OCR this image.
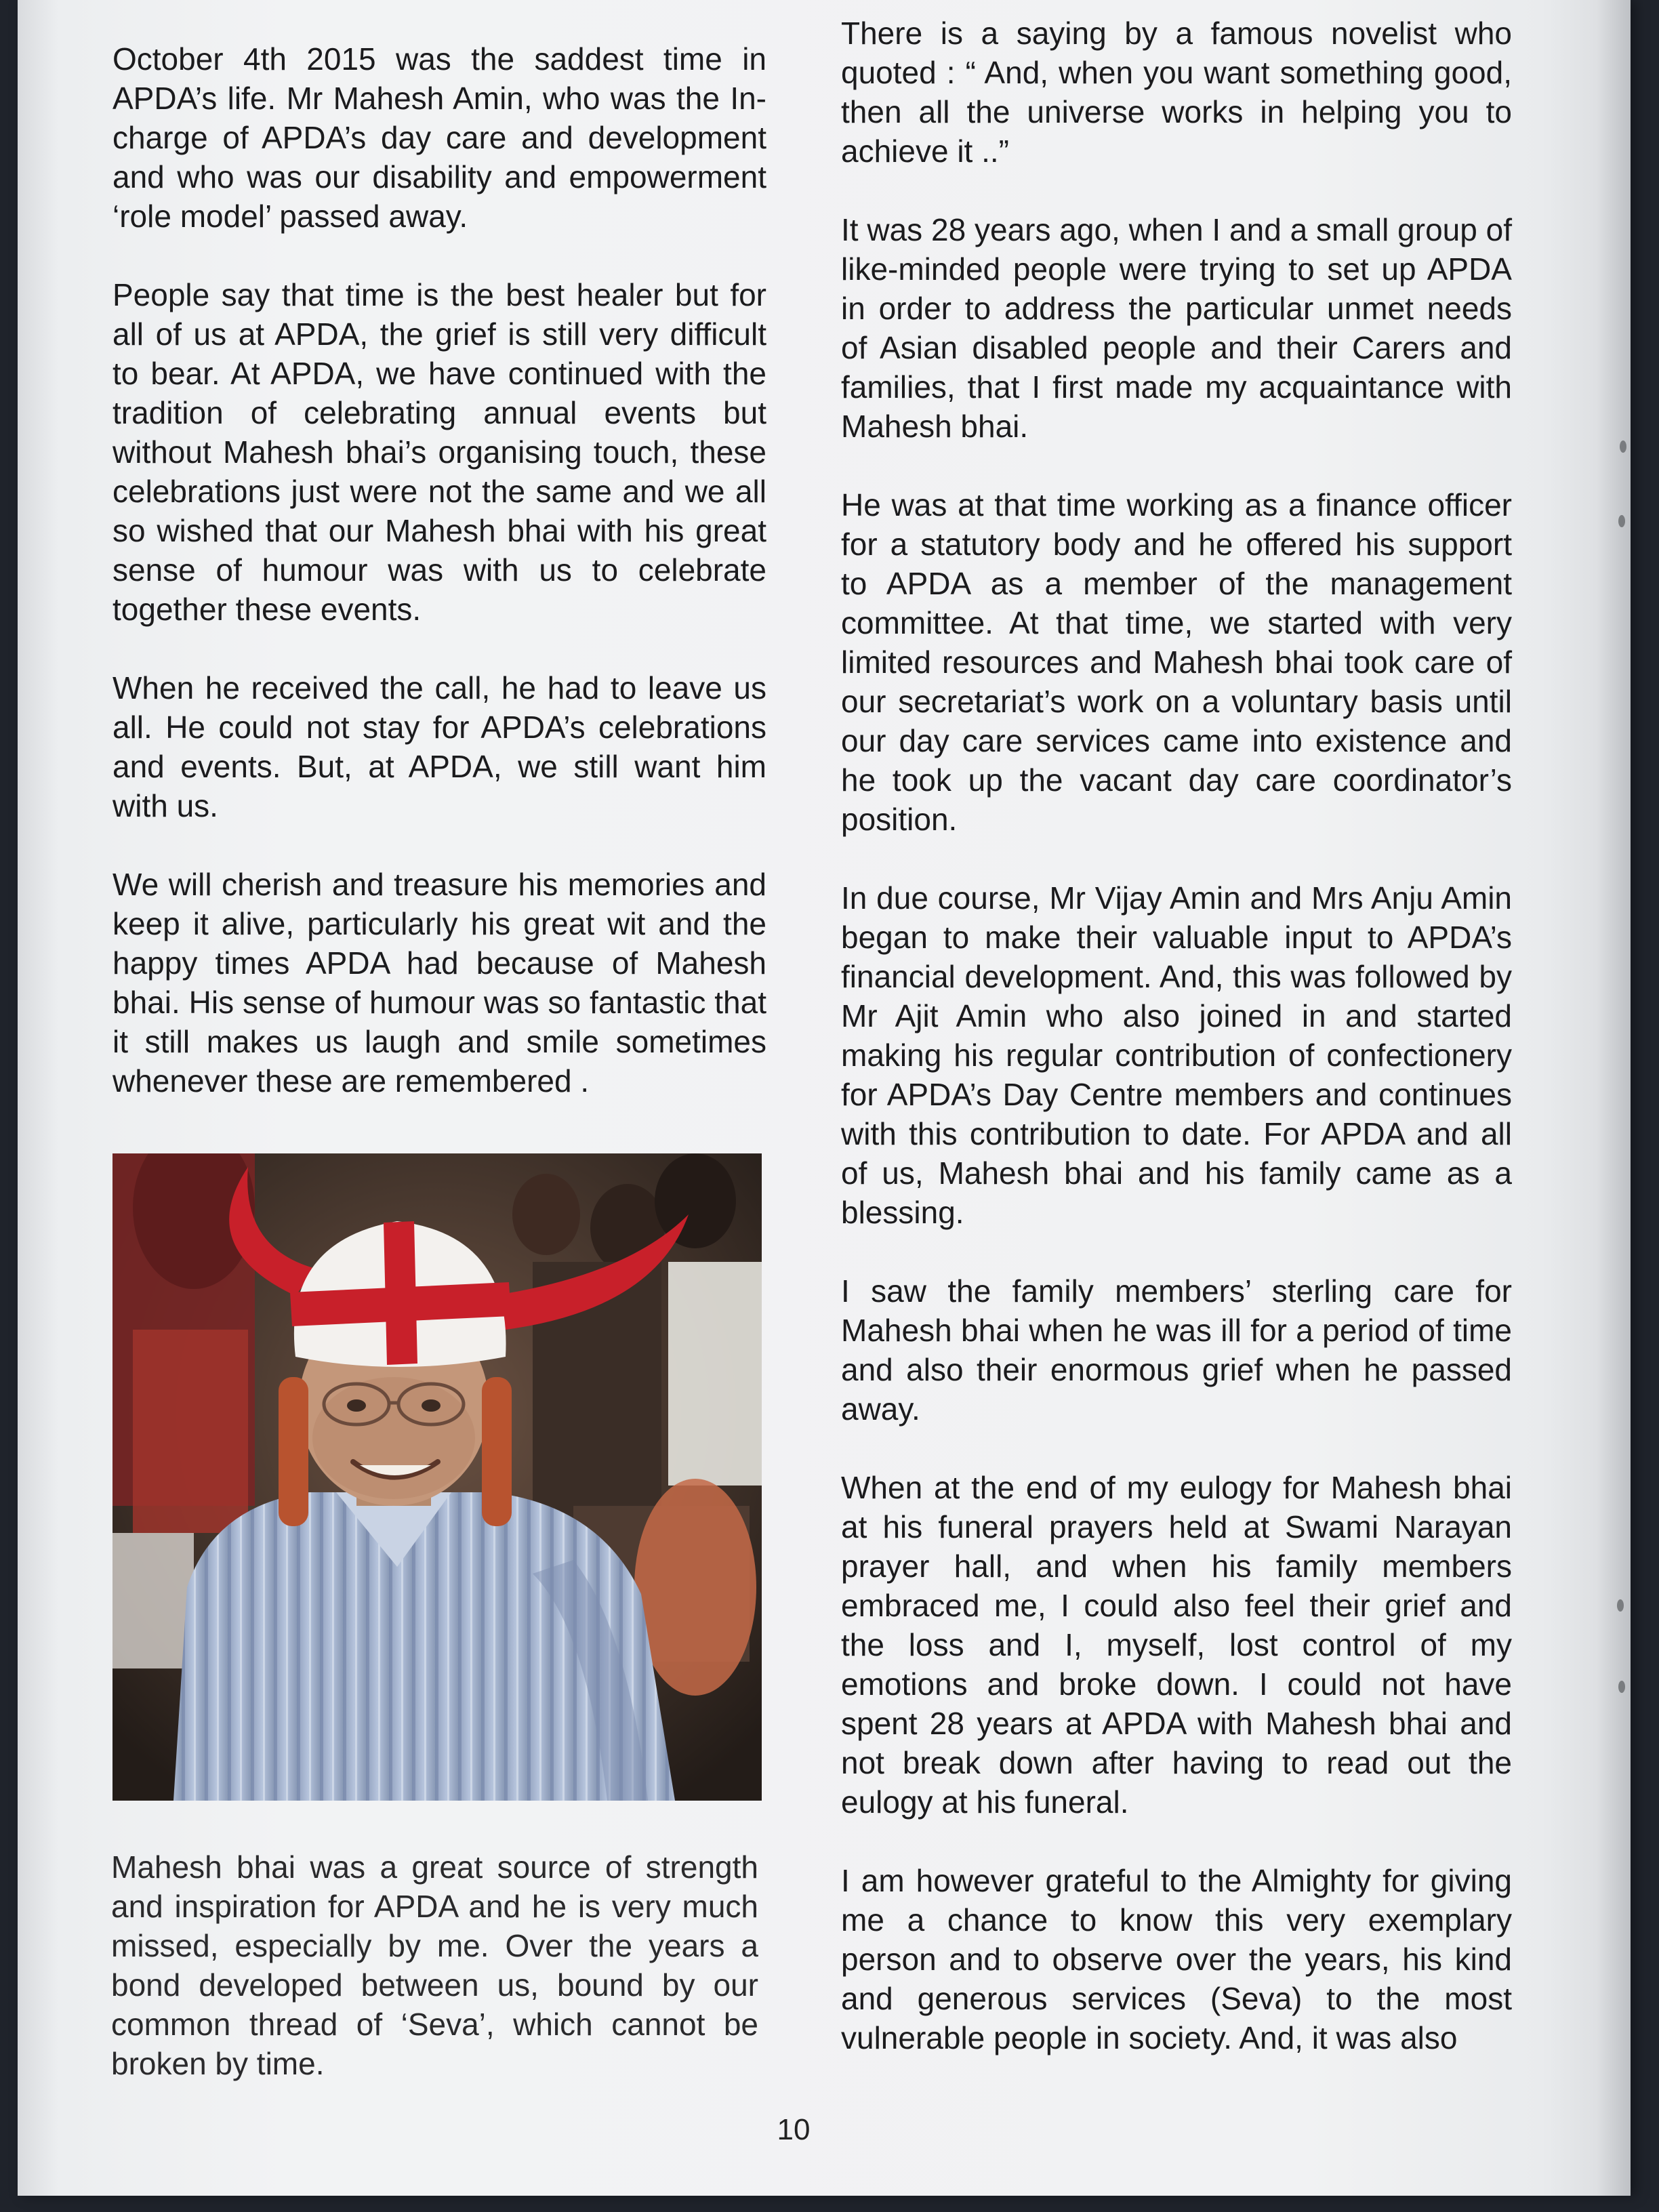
October 4th 2015 was the saddest time in APDA’s life. Mr Mahesh Amin, who was the In-charge of APDA’s day care and development and who was our disability and empowerment ‘role model’ passed away.

People say that time is the best healer but for all of us at APDA, the grief is still very difficult to bear. At APDA, we have continued with the tradition of celebrating annual events but without Mahesh bhai’s organising touch, these celebrations just were not the same and we all so wished that our Mahesh bhai with his great sense of humour was with us to celebrate together these events.

When he received the call, he had to leave us all. He could not stay for APDA’s celebrations and events. But, at APDA, we still want him with us.

We will cherish and treasure his memories and keep it alive, particularly his great wit and the happy times APDA had because of Mahesh bhai. His sense of humour was so fantastic that it still makes us laugh and smile sometimes whenever these are remembered .

Mahesh bhai was a great source of strength and inspiration for APDA and he is very much missed, especially by me. Over the years a bond developed between us, bound by our common thread of ‘Seva’, which cannot be broken by time.

There is a saying by a famous novelist who quoted : “ And, when you want something good, then all the universe works in helping you to achieve it ..”

It was 28 years ago, when I and a small group of like-minded people were trying to set up APDA in order to address the particular unmet needs of Asian disabled people and their Carers and families, that I first made my acquaintance with Mahesh bhai.

He was at that time working as a finance officer for a statutory body and he offered his support to APDA as a member of the management committee. At that time, we started with very limited resources and Mahesh bhai took care of our secretariat’s work on a voluntary basis until our day care services came into existence and he took up the vacant day care coordinator’s position.

In due course, Mr Vijay Amin and Mrs Anju Amin began to make their valuable input to APDA’s financial development. And, this was followed by Mr Ajit Amin who also joined in and started making his regular contribution of confectionery for APDA’s Day Centre members and continues with this contribution to date. For APDA and all of us, Mahesh bhai and his family came as a blessing.

I saw the family members’ sterling care for Mahesh bhai when he was ill for a period of time and also their enormous grief when he passed away.

When at the end of my eulogy for Mahesh bhai at his funeral prayers held at Swami Narayan prayer hall, and when his family members embraced me, I could also feel their grief and the loss and I, myself, lost control of my emotions and broke down. I could not have spent 28 years at APDA with Mahesh bhai and not break down after having to read out the eulogy at his funeral.

I am however grateful to the Almighty for giving me a chance to know this very exemplary person and to observe over the years, his kind and generous services (Seva) to the most vulnerable people in society. And, it was also

10
